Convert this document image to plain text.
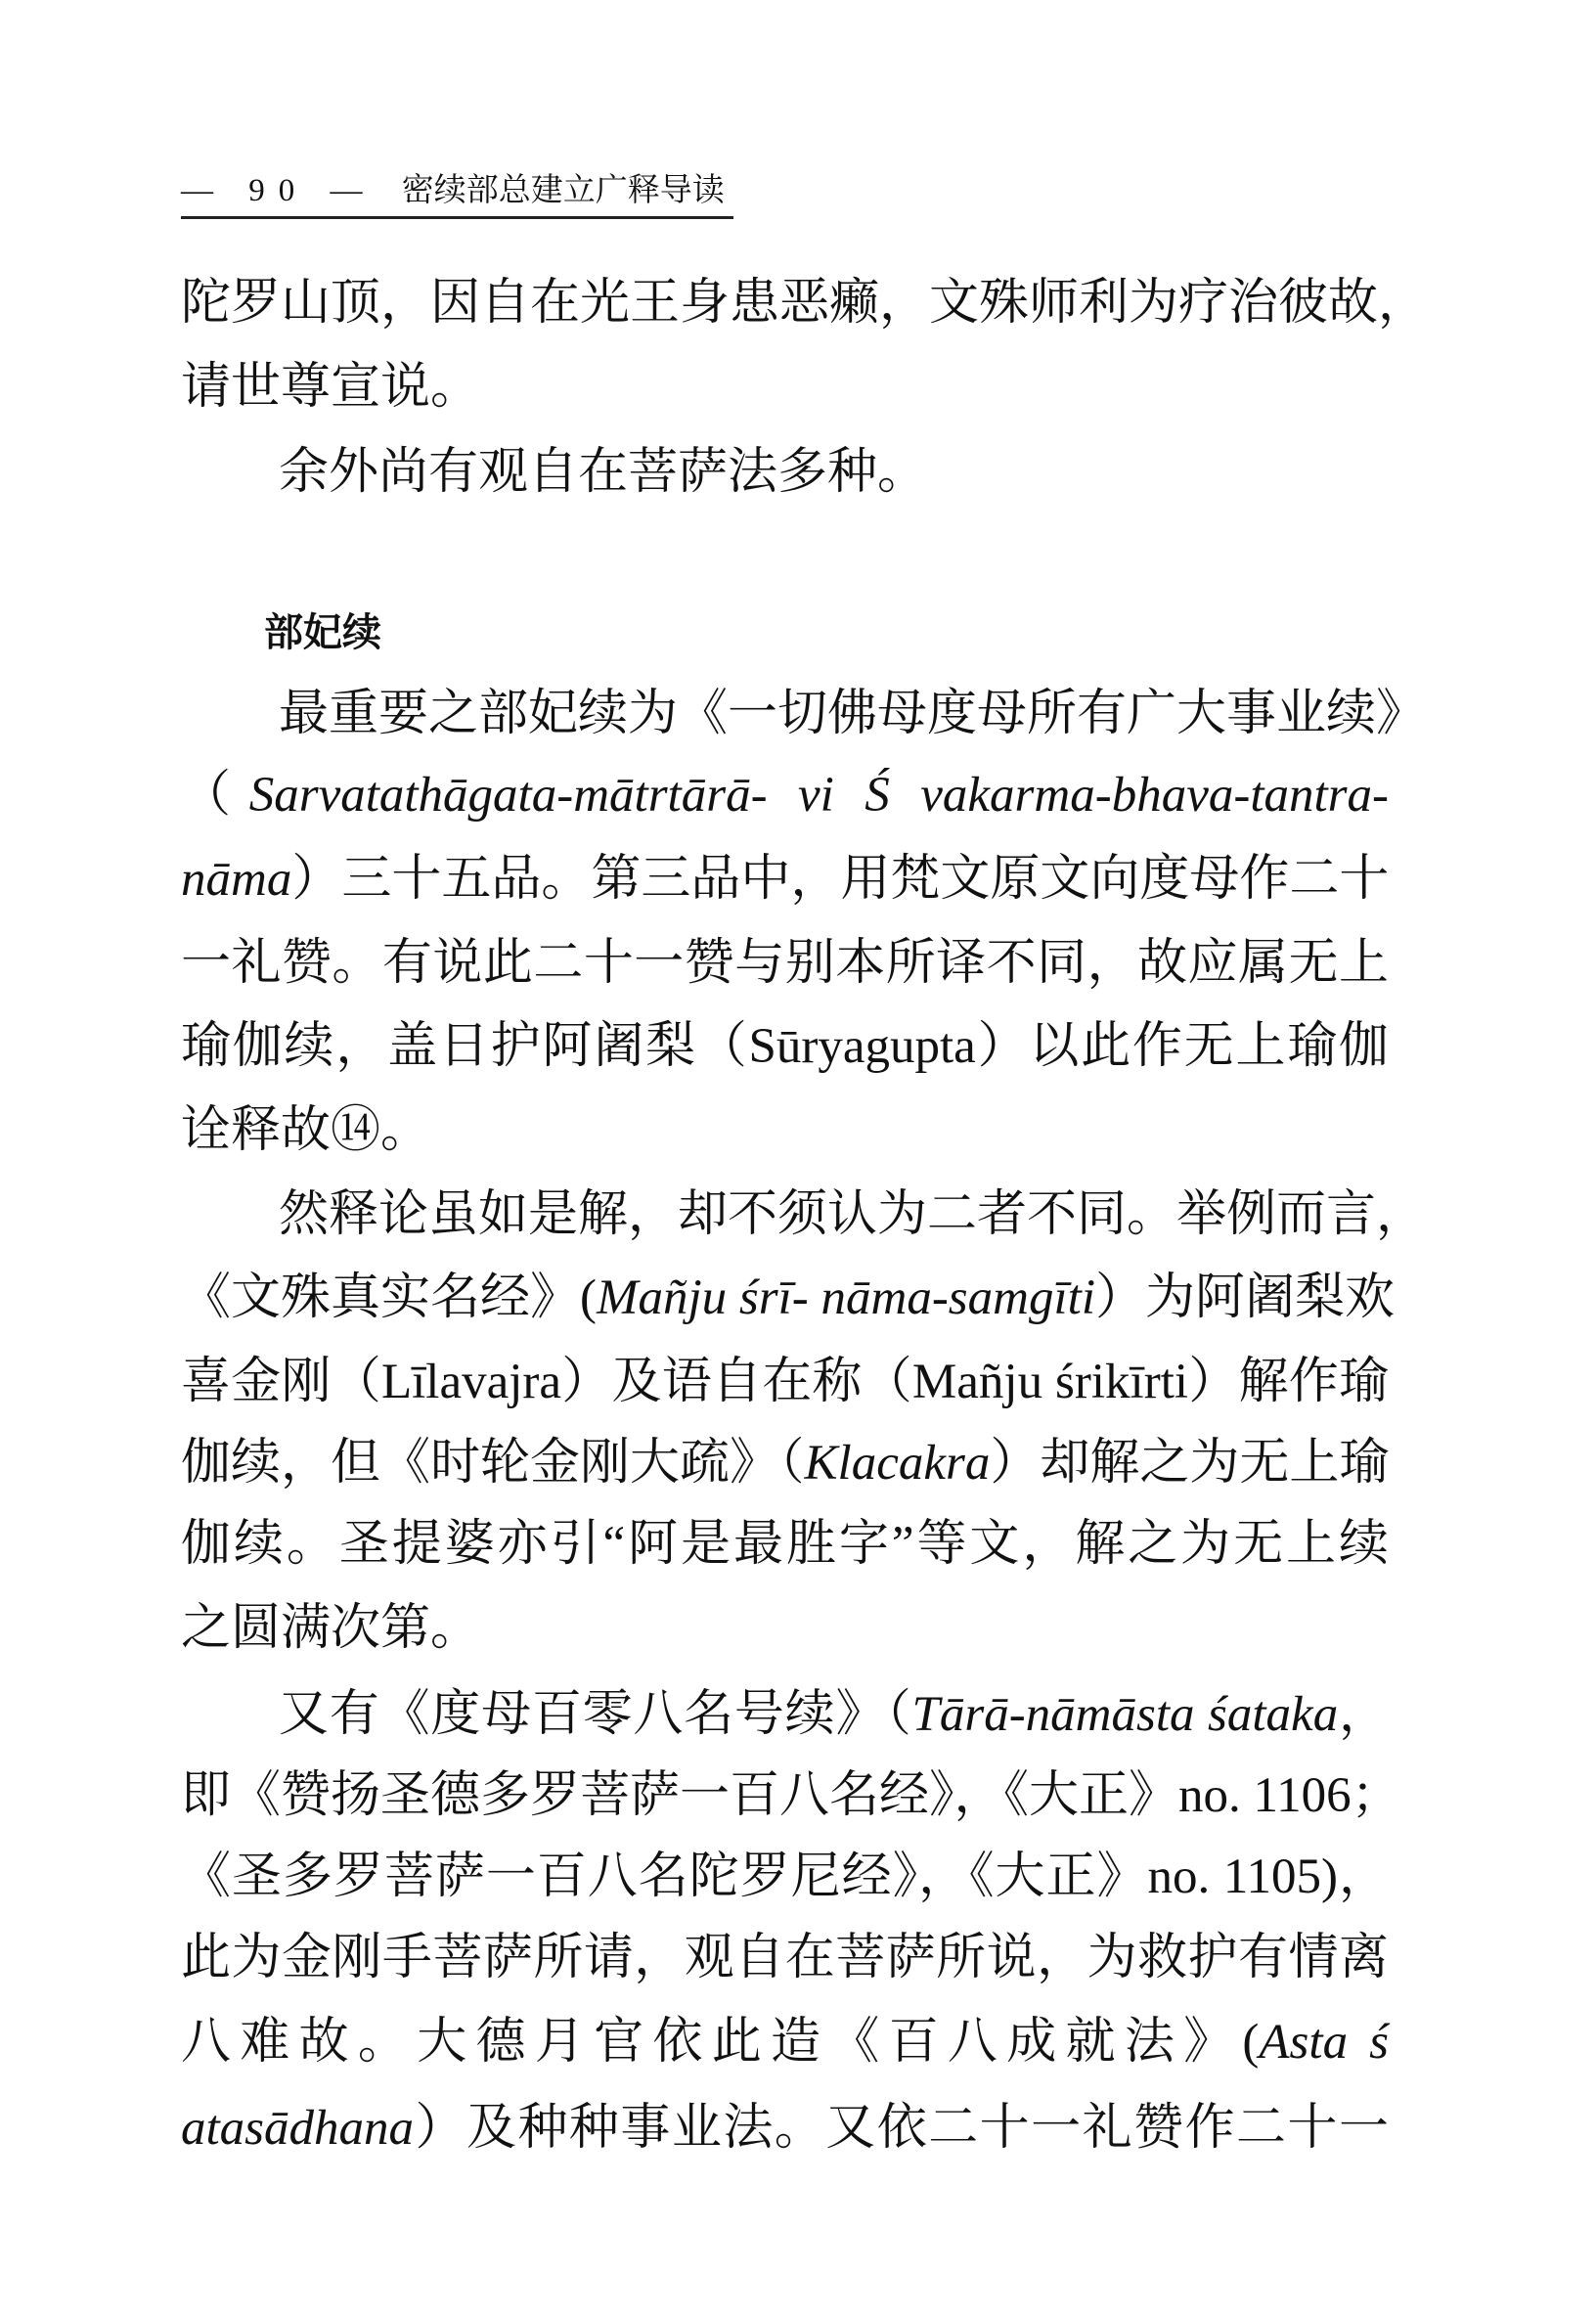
— 90 — 密续部总建立广释导读
部妃续
陀罗山顶，因自在光王身患恶癞，文殊师利为疗治彼故，
请世尊宣说。
余外尚有观自在菩萨法多种。
最重要之部妃续为《一切佛母度母所有广大事业续》
（Sarvatathāgata-mātrtārā- vi Ś vakarma-bhava-tantra-
nāma）三十五品。第三品中，用梵文原文向度母作二十
一礼赞。有说此二十一赞与别本所译不同，故应属无上
瑜伽续，盖日护阿阇梨（Sūryagupta）以此作无上瑜伽
诠释故⑭。
然释论虽如是解，却不须认为二者不同。举例而言，
《文殊真实名经》(Mañju śrī- nāma-samgīti）为阿阇梨欢
喜金刚（Līlavajra）及语自在称（Mañju śrikīrti）解作瑜
伽续，但《时轮金刚大疏》（Klacakra）却解之为无上瑜
伽续。圣提婆亦引“阿是最胜字”等文，解之为无上续
之圆满次第。
又有《度母百零八名号续》（Tārā-nāmāsta śataka，
即《赞扬圣德多罗菩萨一百八名经》，《大正》no. 1106；
《圣多罗菩萨一百八名陀罗尼经》，《大正》no. 1105)，
此为金刚手菩萨所请，观自在菩萨所说，为救护有情离
八难故。大德月官依此造《百八成就法》(Asta ś
atasādhana）及种种事业法。又依二十一礼赞作二十一
